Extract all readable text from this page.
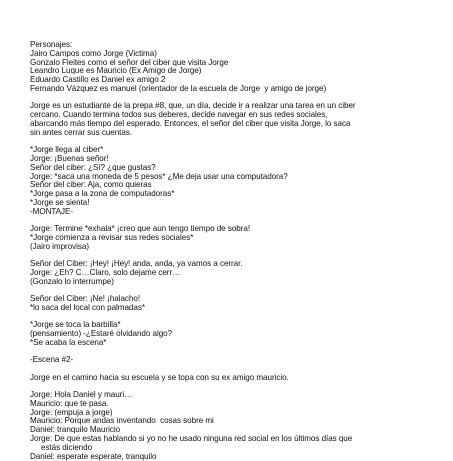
Personajes:
Jairo Campos como Jorge (Victima)
Gonzalo Fleites como el señor del ciber que visita Jorge
Leandro Luque es Mauricio (Ex Amigo de Jorge)
Eduardo Castillo es Daniel ex amigo 2
Fernando Vázquez es manuel (orientador de la escuela de Jorge  y amigo de jorge)
Jorge es un estudiante de la prepa #8, que, un día, decide ir a realizar una tarea en un ciber
cercano. Cuando termina todos sus deberes, decide navegar en sus redes sociales,
abarcando más tiempo del esperado. Entonces, el señor del ciber que visita Jorge, lo saca
sin antes cerrar sus cuentas.
*Jorge llega al ciber*
Jorge: ¡Buenas señor!
Señor del ciber: ¿Sí? ¿que gustas?
Jorge: *saca una moneda de 5 pesos* ¿Me deja usar una computadora?
Señor del ciber: Aja, como quieras
*Jorge pasa a la zona de computadoras*
*Jorge se sienta!
-MONTAJE-
Jorge: Termine *exhala* ¡creo que aun tengo tiempo de sobra!
*Jorge comienza a revisar sus redes sociales*
(Jairo improvisa)
Señor del Ciber: ¡Hey! ¡Hey! anda, anda, ya vamos a cerrar.
Jorge: ¿Eh? C…Claro, solo dejame cerr…
(Gonzalo lo interrumpe)
Señor del Ciber: ¡Ne! ¡halacho!
*lo saca del local con palmadas*
*Jorge se toca la barbilla*
(pensamiento) -¿Estaré olvidando algo?
*Se acaba la escena*
-Escena #2-
Jorge en el camino hacia su escuela y se topa con su ex amigo mauricio.
Jorge: Hola Daniel y mauri…
Mauricio: que te pasa.
Jorge: (empuja a jorge)
Mauricio: Porque andas inventando  cosas sobre mi
Daniel: tranquilo Mauricio
Jorge: De que estas hablando si yo no he usado ninguna red social en los últimos días que
estás diciendo
Daniel: esperate esperate, tranquilo
